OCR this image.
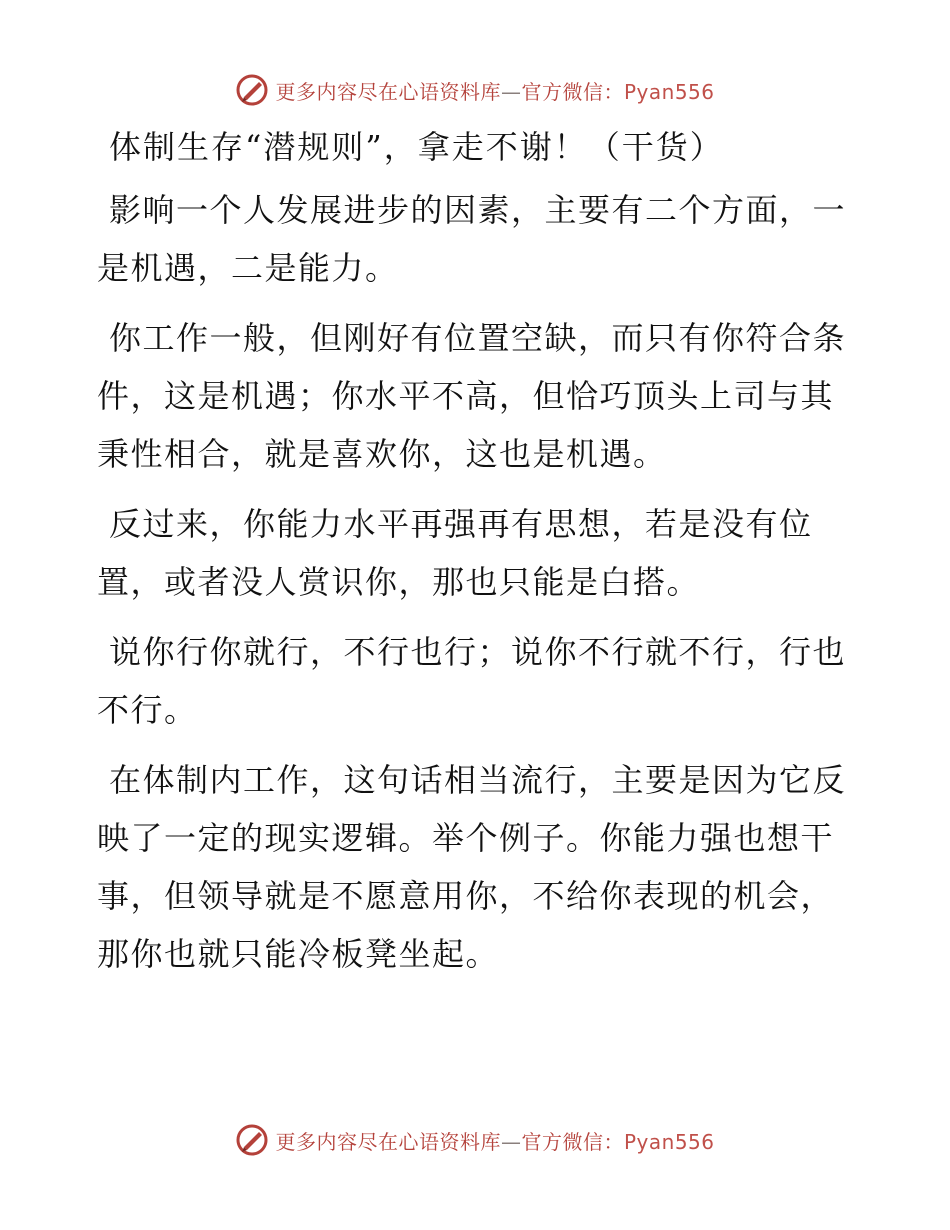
更多内容尽在心语资料库—官方微信：Pyan556
体制生存“潜规则”，拿走不谢！（干货）

影响一个人发展进步的因素，主要有二个方面，一是机遇，二是能力。

你工作一般，但刚好有位置空缺，而只有你符合条件，这是机遇；你水平不高，但恰巧顶头上司与其秉性相合，就是喜欢你，这也是机遇。

反过来，你能力水平再强再有思想，若是没有位置，或者没人赏识你，那也只能是白搭。

说你行你就行，不行也行；说你不行就不行，行也不行。

在体制内工作，这句话相当流行，主要是因为它反映了一定的现实逻辑。举个例子。你能力强也想干事，但领导就是不愿意用你，不给你表现的机会，那你也就只能冷板凳坐起。

更多内容尽在心语资料库—官方微信：Pyan556
